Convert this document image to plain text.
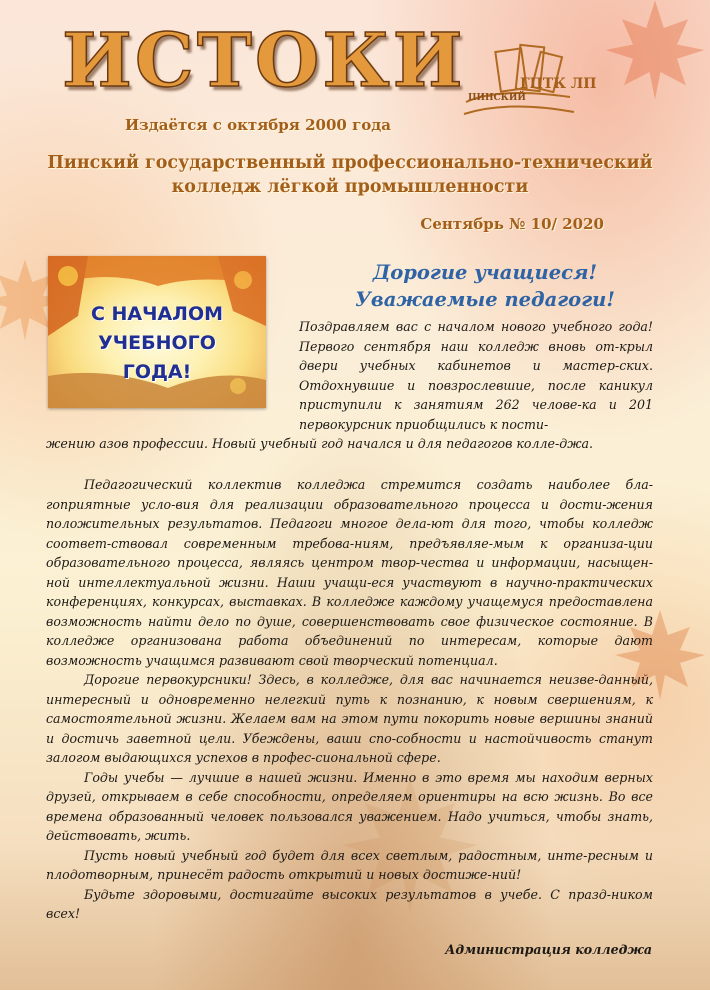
ИСТОКИ
Издаётся с октября 2000 года
ПИНСКИЙ
ГПТК ЛП
Пинский государственный профессионально-технический
колледж лёгкой промышленности
Сентябрь № 10/ 2020
С НАЧАЛОМ
УЧЕБНОГО
ГОДА!
Дорогие учащиеся!
Уважаемые педагоги!
Поздравляем вас с началом нового учебного года! Первого сентября наш колледж вновь от-крыл двери учебных кабинетов и мастер-ских. Отдохнувшие и повзрослевшие, после каникул приступили к занятиям 262 челове-ка и 201 первокурсник приобщились к пости-
жению азов профессии. Новый учебный год начался и для педагогов колле-джа.

Педагогический коллектив колледжа стремится создать наиболее бла-гоприятные усло-вия для реализации образовательного процесса и дости-жения положительных результатов. Педагоги многое дела-ют для того, чтобы колледж соответ-ствовал современным требова-ниям, предъявляе-мым к организа-ции образовательного процесса, являясь центром твор-чества и информации, насыщен-ной интеллектуальной жизни. Наши учащи-еся участвуют в научно-практических конференциях, конкурсах, выставках. В колледже каждому учащемуся предоставлена возможность найти дело по душе, совершенствовать свое физическое состояние. В колледже организована работа объединений по интересам, которые дают возможность учащимся развивают свой творческий потенциал.

Дорогие первокурсники! Здесь, в колледже, для вас начинается неизве-данный, интересный и одновременно нелегкий путь к познанию, к новым свершениям, к самостоятельной жизни. Желаем вам на этом пути покорить новые вершины знаний и достичь заветной цели. Убеждены, ваши спо-собности и настойчивость станут залогом выдающихся успехов в профес-сиональной сфере.

Годы учебы — лучшие в нашей жизни. Именно в это время мы находим верных друзей, открываем в себе способности, определяем ориентиры на всю жизнь. Во все времена образованный человек пользовался уважением. Надо учиться, чтобы знать, действовать, жить.

Пусть новый учебный год будет для всех светлым, радостным, инте-ресным и плодотворным, принесёт радость открытий и новых достиже-ний!

Будьте здоровыми, достигайте высоких результатов в учебе. С празд-ником всех!

Администрация колледжа
